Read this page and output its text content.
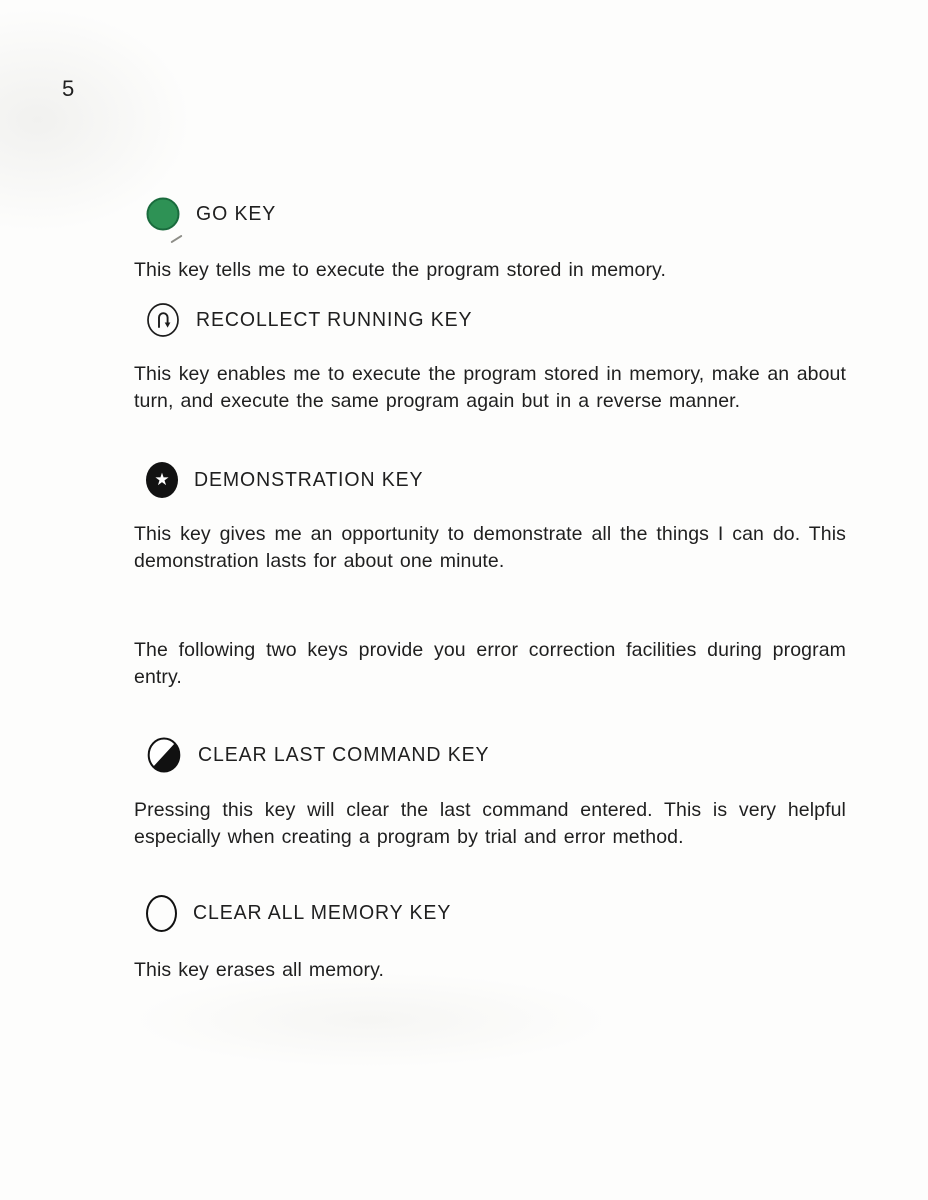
5
GO KEY
This key tells me to execute the program stored in memory.
RECOLLECT RUNNING KEY
This key enables me to execute the program stored in memory, make an about turn, and execute the same program again but in a reverse manner.
★ DEMONSTRATION KEY
This key gives me an opportunity to demonstrate all the things I can do. This demonstration lasts for about one minute.
The following two keys provide you error correction facilities during program entry.
CLEAR LAST COMMAND KEY
Pressing this key will clear the last command entered. This is very helpful especially when creating a program by trial and error method.
CLEAR ALL MEMORY KEY
This key erases all memory.
